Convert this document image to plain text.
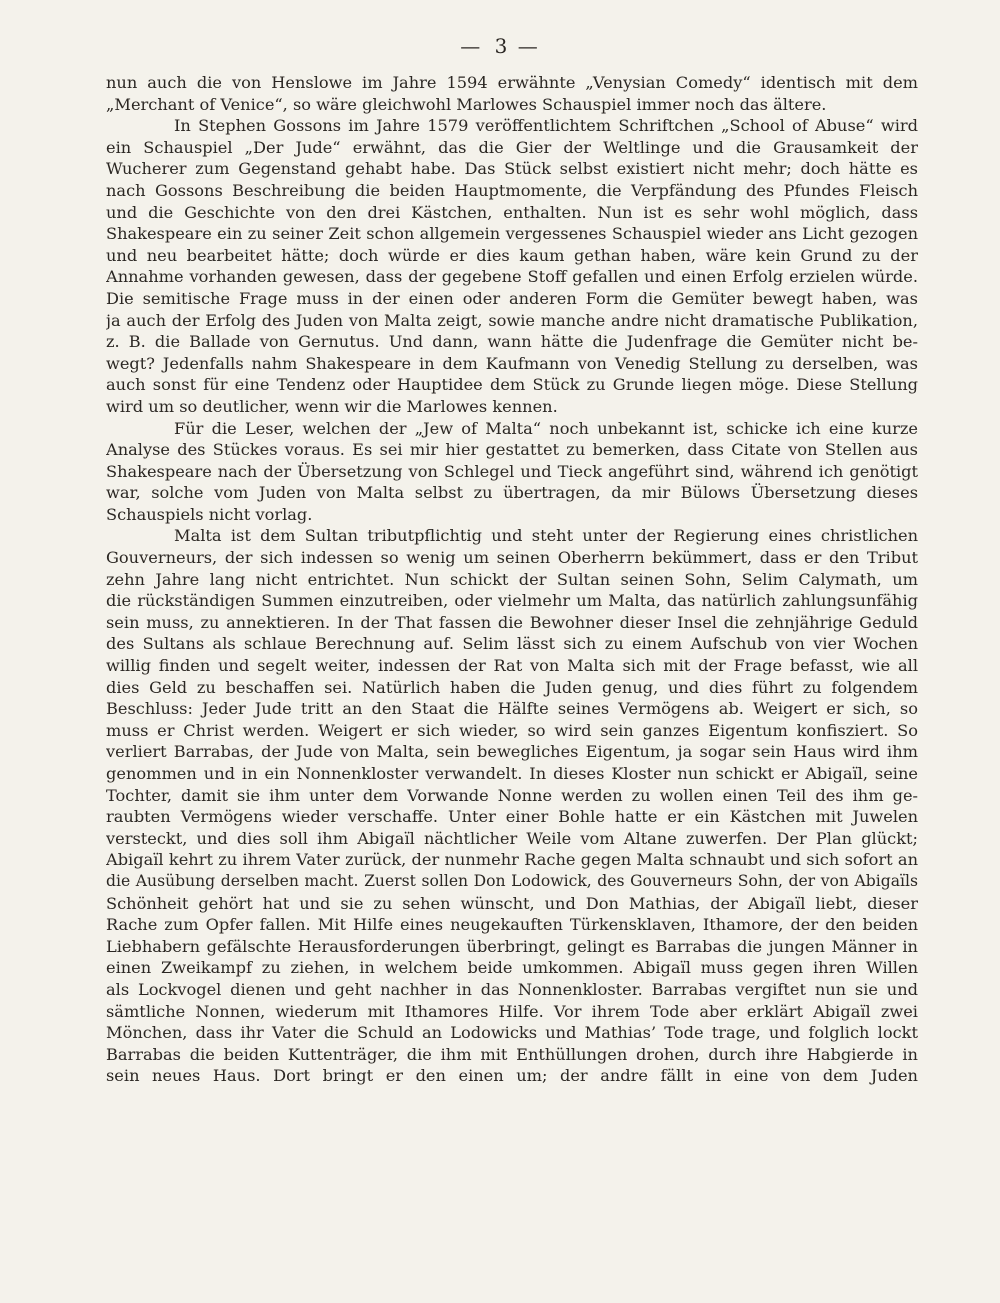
— 3 —
nun auch die von Henslowe im Jahre 1594 erwähnte „Venysian Comedy“ identisch mit dem
„Merchant of Venice“, so wäre gleichwohl Marlowes Schauspiel immer noch das ältere.
In Stephen Gossons im Jahre 1579 veröffentlichtem Schriftchen „School of Abuse“ wird
ein Schauspiel „Der Jude“ erwähnt, das die Gier der Weltlinge und die Grausamkeit der
Wucherer zum Gegenstand gehabt habe. Das Stück selbst existiert nicht mehr; doch hätte es
nach Gossons Beschreibung die beiden Hauptmomente, die Verpfändung des Pfundes Fleisch
und die Geschichte von den drei Kästchen, enthalten. Nun ist es sehr wohl möglich, dass
Shakespeare ein zu seiner Zeit schon allgemein vergessenes Schauspiel wieder ans Licht gezogen
und neu bearbeitet hätte; doch würde er dies kaum gethan haben, wäre kein Grund zu der
Annahme vorhanden gewesen, dass der gegebene Stoff gefallen und einen Erfolg erzielen würde.
Die semitische Frage muss in der einen oder anderen Form die Gemüter bewegt haben, was
ja auch der Erfolg des Juden von Malta zeigt, sowie manche andre nicht dramatische Publikation,
z. B. die Ballade von Gernutus. Und dann, wann hätte die Judenfrage die Gemüter nicht be-
wegt? Jedenfalls nahm Shakespeare in dem Kaufmann von Venedig Stellung zu derselben, was
auch sonst für eine Tendenz oder Hauptidee dem Stück zu Grunde liegen möge. Diese Stellung
wird um so deutlicher, wenn wir die Marlowes kennen.
Für die Leser, welchen der „Jew of Malta“ noch unbekannt ist, schicke ich eine kurze
Analyse des Stückes voraus. Es sei mir hier gestattet zu bemerken, dass Citate von Stellen aus
Shakespeare nach der Übersetzung von Schlegel und Tieck angeführt sind, während ich genötigt
war, solche vom Juden von Malta selbst zu übertragen, da mir Bülows Übersetzung dieses
Schauspiels nicht vorlag.
Malta ist dem Sultan tributpflichtig und steht unter der Regierung eines christlichen
Gouverneurs, der sich indessen so wenig um seinen Oberherrn bekümmert, dass er den Tribut
zehn Jahre lang nicht entrichtet. Nun schickt der Sultan seinen Sohn, Selim Calymath, um
die rückständigen Summen einzutreiben, oder vielmehr um Malta, das natürlich zahlungsunfähig
sein muss, zu annektieren. In der That fassen die Bewohner dieser Insel die zehnjährige Geduld
des Sultans als schlaue Berechnung auf. Selim lässt sich zu einem Aufschub von vier Wochen
willig finden und segelt weiter, indessen der Rat von Malta sich mit der Frage befasst, wie all
dies Geld zu beschaffen sei. Natürlich haben die Juden genug, und dies führt zu folgendem
Beschluss: Jeder Jude tritt an den Staat die Hälfte seines Vermögens ab. Weigert er sich, so
muss er Christ werden. Weigert er sich wieder, so wird sein ganzes Eigentum konfisziert. So
verliert Barrabas, der Jude von Malta, sein bewegliches Eigentum, ja sogar sein Haus wird ihm
genommen und in ein Nonnenkloster verwandelt. In dieses Kloster nun schickt er Abigaïl, seine
Tochter, damit sie ihm unter dem Vorwande Nonne werden zu wollen einen Teil des ihm ge-
raubten Vermögens wieder verschaffe. Unter einer Bohle hatte er ein Kästchen mit Juwelen
versteckt, und dies soll ihm Abigaïl nächtlicher Weile vom Altane zuwerfen. Der Plan glückt;
Abigaïl kehrt zu ihrem Vater zurück, der nunmehr Rache gegen Malta schnaubt und sich sofort an
die Ausübung derselben macht. Zuerst sollen Don Lodowick, des Gouverneurs Sohn, der von Abigaïls
Schönheit gehört hat und sie zu sehen wünscht, und Don Mathias, der Abigaïl liebt, dieser
Rache zum Opfer fallen. Mit Hilfe eines neugekauften Türkensklaven, Ithamore, der den beiden
Liebhabern gefälschte Herausforderungen überbringt, gelingt es Barrabas die jungen Männer in
einen Zweikampf zu ziehen, in welchem beide umkommen. Abigaïl muss gegen ihren Willen
als Lockvogel dienen und geht nachher in das Nonnenkloster. Barrabas vergiftet nun sie und
sämtliche Nonnen, wiederum mit Ithamores Hilfe. Vor ihrem Tode aber erklärt Abigaïl zwei
Mönchen, dass ihr Vater die Schuld an Lodowicks und Mathias’ Tode trage, und folglich lockt
Barrabas die beiden Kuttenträger, die ihm mit Enthüllungen drohen, durch ihre Habgierde in
sein neues Haus. Dort bringt er den einen um; der andre fällt in eine von dem Juden
